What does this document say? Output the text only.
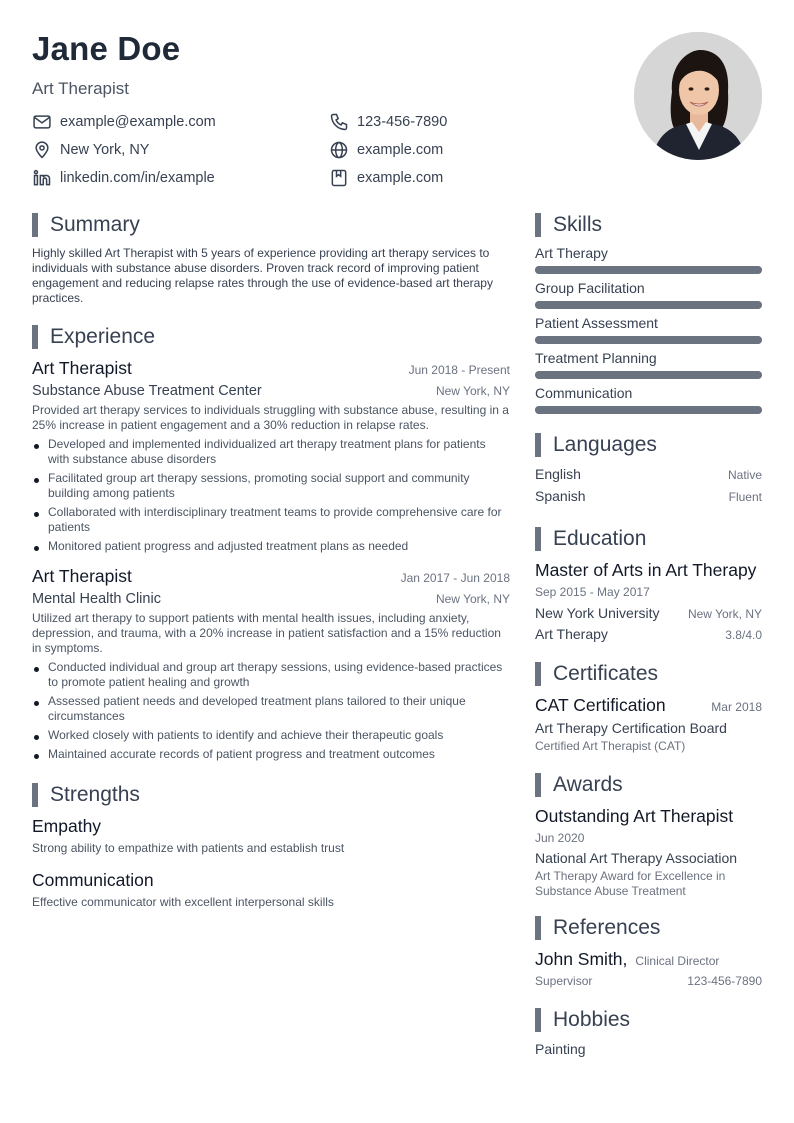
Jane Doe
Art Therapist
example@example.com	123-456-7890
New York, NY	example.com
linkedin.com/in/example	example.com
Summary

Highly skilled Art Therapist with 5 years of experience providing art therapy services to individuals with substance abuse disorders. Proven track record of improving patient engagement and reducing relapse rates through the use of evidence-based art therapy practices.

Experience
Art Therapist	Jun 2018 - Present
Substance Abuse Treatment Center	New York, NY

Provided art therapy services to individuals struggling with substance abuse, resulting in a 25% increase in patient engagement and a 30% reduction in relapse rates.

Developed and implemented individualized art therapy treatment plans for patients with substance abuse disorders
Facilitated group art therapy sessions, promoting social support and community building among patients
Collaborated with interdisciplinary treatment teams to provide comprehensive care for patients
Monitored patient progress and adjusted treatment plans as needed
Art Therapist	Jan 2017 - Jun 2018
Mental Health Clinic	New York, NY

Utilized art therapy to support patients with mental health issues, including anxiety, depression, and trauma, with a 20% increase in patient satisfaction and a 15% reduction in symptoms.

Conducted individual and group art therapy sessions, using evidence-based practices to promote patient healing and growth
Assessed patient needs and developed treatment plans tailored to their unique circumstances
Worked closely with patients to identify and achieve their therapeutic goals
Maintained accurate records of patient progress and treatment outcomes
Strengths
Empathy
Strong ability to empathize with patients and establish trust
Communication
Effective communicator with excellent interpersonal skills
Skills
Art Therapy
Group Facilitation
Patient Assessment
Treatment Planning
Communication
Languages
English	Native
Spanish	Fluent
Education
Master of Arts in Art Therapy
Sep 2015 - May 2017
New York University New York, NY
Art Therapy	3.8/4.0
Certificates
CAT Certification	Mar 2018
Art Therapy Certification Board
Certified Art Therapist (CAT)
Awards
Outstanding Art Therapist
Jun 2020
National Art Therapy Association
Art Therapy Award for Excellence in Substance Abuse Treatment
References
John Smith, Clinical Director
Supervisor	123-456-7890
Hobbies
Painting
